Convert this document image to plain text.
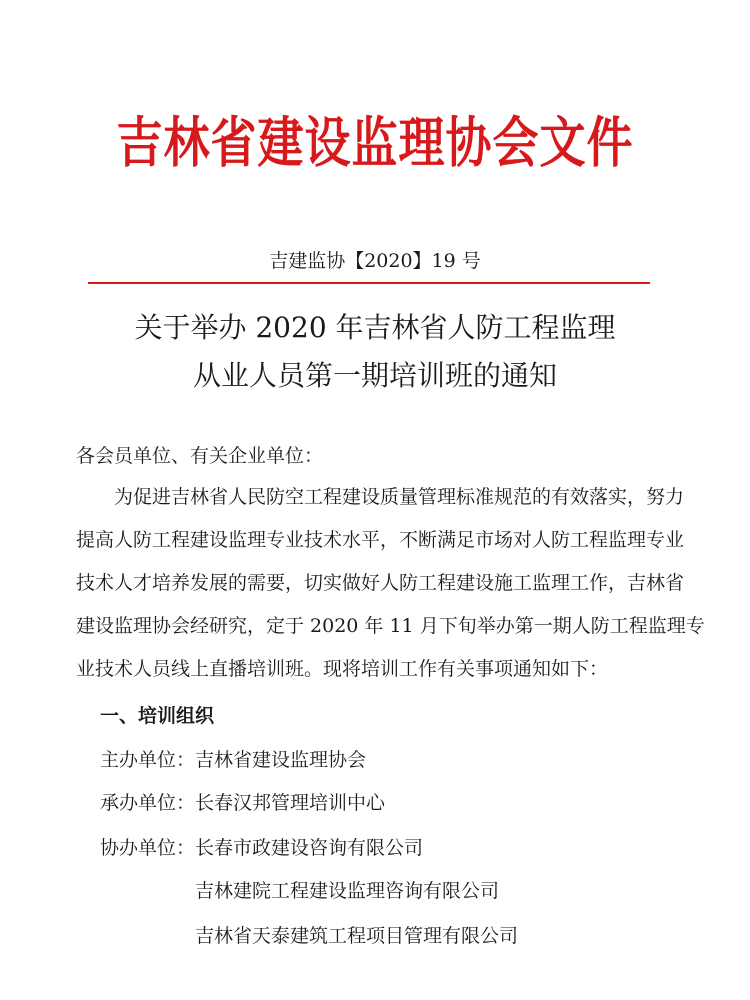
吉林省建设监理协会文件
吉建监协【2020】19 号
关于举办 2020 年吉林省人防工程监理
从业人员第一期培训班的通知
各会员单位、有关企业单位：
为促进吉林省人民防空工程建设质量管理标准规范的有效落实，努力
提高人防工程建设监理专业技术水平，不断满足市场对人防工程监理专业
技术人才培养发展的需要，切实做好人防工程建设施工监理工作，吉林省
建设监理协会经研究，定于 2020 年 11 月下旬举办第一期人防工程监理专
业技术人员线上直播培训班。现将培训工作有关事项通知如下：
一、培训组织
主办单位：吉林省建设监理协会
承办单位：长春汉邦管理培训中心
协办单位：长春市政建设咨询有限公司
吉林建院工程建设监理咨询有限公司
吉林省天泰建筑工程项目管理有限公司
